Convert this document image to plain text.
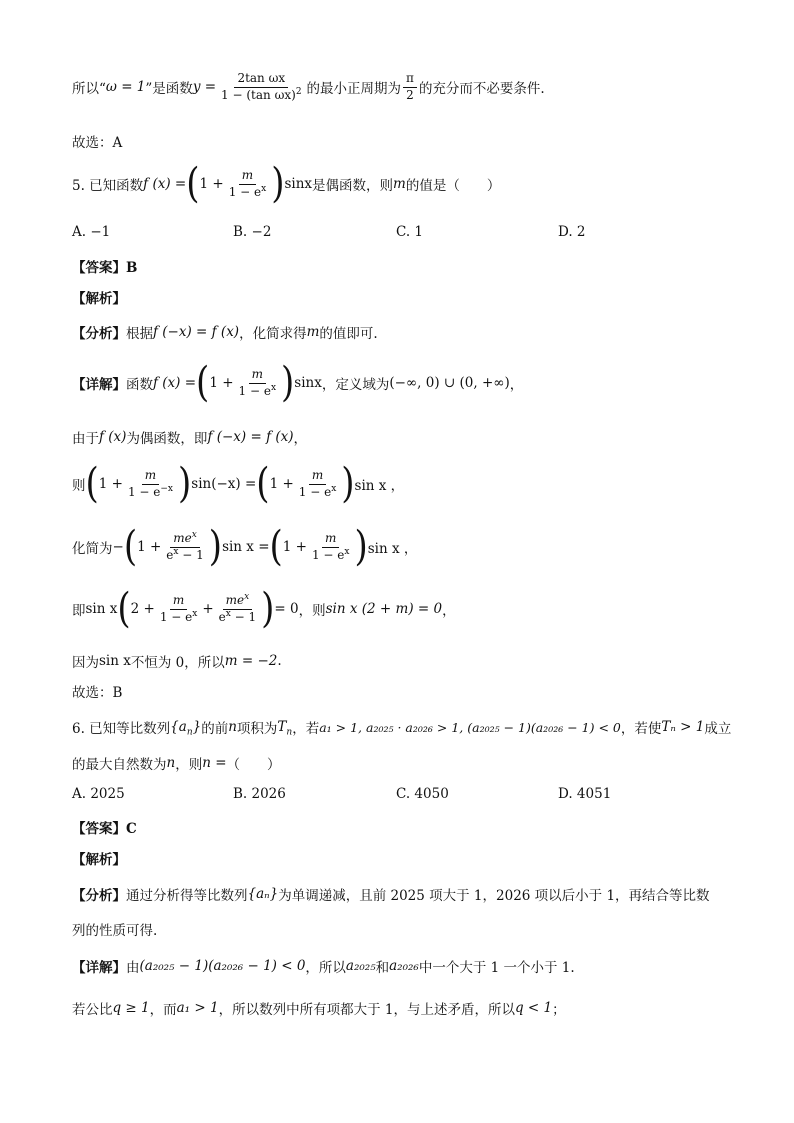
所以“ ω = 1 ”是函数 $y = \frac{\text{2tan ωx}}{1 - (\tan \omega x)^2}$ 的最小正周期为 $\frac{\pi}{2}$ 的充分而不必要条件.
故选：A
5. 已知函数 f (x) = ( $1 + \frac{m}{1 - e^x}$ ) sinx 是偶函数，则 m 的值是（　　）
A. −1	B. −2	C. 1	D. 2
【答案】B
【解析】
【分析】 根据 f (−x) = f (x) ，化简求得 m 的值即可.
【详解】 函数 f (x) = ( $1 + \frac{m}{1 - e^x}$ ) sinx ，定义域为 (−∞, 0) ∪ (0, +∞) ，
由于 f (x) 为偶函数，即 f (−x) = f (x) ，
则 ( $1 + \frac{m}{1 - e^{-x}}$ ) sin(−x) = ( $1 + \frac{m}{1 - e^x}$ ) sin x ，
化简为 − ( $1 + \frac{me^x}{e^x - 1}$ ) sin x = ( $1 + \frac{m}{1 - e^x}$ ) sin x ，
即 sin x ( $2 + \frac{m}{1 - e^x} + \frac{me^x}{e^x - 1}$ ) = 0 ，则 sin x (2 + m) = 0 ，
因为 sin x 不恒为 0，所以 m = −2 .
故选：B
6. 已知等比数列 $\{a_n\}$ 的前 n 项积为 $T_n$ ，若 a₁ > 1, a₂₀₂₅ · a₂₀₂₆ > 1, (a₂₀₂₅ − 1)(a₂₀₂₆ − 1) < 0 ，若使 Tₙ > 1 成立
的最大自然数为 n ，则 n = （　　）
A. 2025	B. 2026	C. 4050	D. 4051
【答案】C
【解析】
【分析】 通过分析得等比数列 {aₙ} 为单调递减，且前 2025 项大于 1，2026 项以后小于 1，再结合等比数
列的性质可得.
【详解】 由 (a₂₀₂₅ − 1)(a₂₀₂₆ − 1) < 0 ，所以 a₂₀₂₅ 和 a₂₀₂₆ 中一个大于 1 一个小于 1.
若公比 q ≥ 1 ，而 a₁ > 1 ，所以数列中所有项都大于 1，与上述矛盾，所以 q < 1 ；
